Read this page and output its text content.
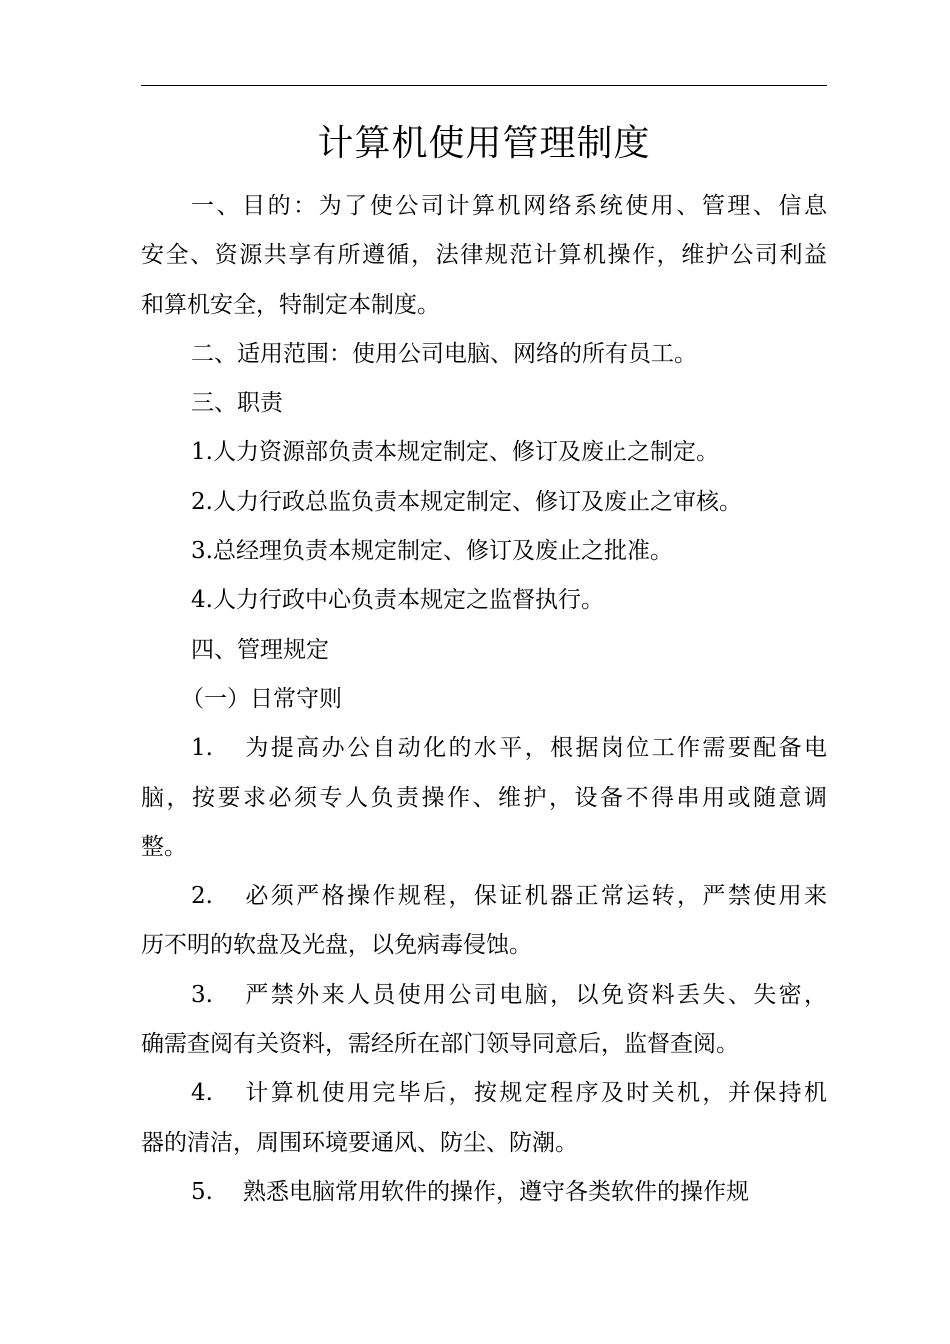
计算机使用管理制度
一、目的：为了使公司计算机网络系统使用、管理、信息
安全、资源共享有所遵循，法律规范计算机操作，维护公司利益
和算机安全，特制定本制度。
二、适用范围：使用公司电脑、网络的所有员工。
三、职责
1.人力资源部负责本规定制定、修订及废止之制定。
2.人力行政总监负责本规定制定、修订及废止之审核。
3.总经理负责本规定制定、修订及废止之批准。
4.人力行政中心负责本规定之监督执行。
四、管理规定
（一）日常守则
1. 为提高办公自动化的水平，根据岗位工作需要配备电
脑，按要求必须专人负责操作、维护，设备不得串用或随意调
整。
2. 必须严格操作规程，保证机器正常运转，严禁使用来
历不明的软盘及光盘，以免病毒侵蚀。
3. 严禁外来人员使用公司电脑，以免资料丢失、失密，
确需查阅有关资料，需经所在部门领导同意后，监督查阅。
4. 计算机使用完毕后，按规定程序及时关机，并保持机
器的清洁，周围环境要通风、防尘、防潮。
5. 熟悉电脑常用软件的操作，遵守各类软件的操作规
